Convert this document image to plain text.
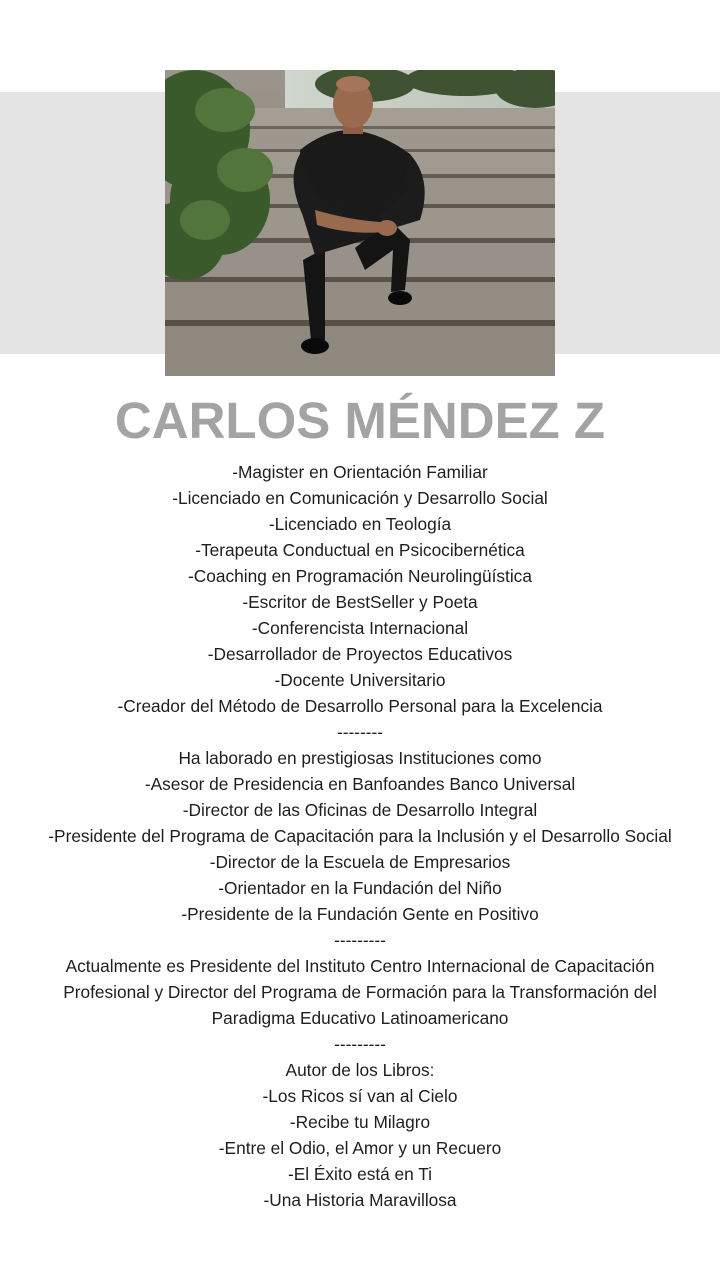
CARLOS MÉNDEZ Z
-Magister en Orientación Familiar
-Licenciado en Comunicación y Desarrollo Social
-Licenciado en Teología
-Terapeuta Conductual en Psicocibernética
-Coaching en Programación Neurolingüística
-Escritor de BestSeller y Poeta
-Conferencista Internacional
-Desarrollador de Proyectos Educativos
-Docente Universitario
-Creador del Método de Desarrollo Personal para la Excelencia
--------
Ha laborado en prestigiosas Instituciones como
-Asesor de Presidencia en Banfoandes Banco Universal
-Director de las Oficinas de Desarrollo Integral
-Presidente del Programa de Capacitación para la Inclusión y el Desarrollo Social
-Director de la Escuela de Empresarios
-Orientador en la Fundación del Niño
-Presidente de la Fundación Gente en Positivo
---------
Actualmente es Presidente del Instituto Centro Internacional de Capacitación Profesional y Director del Programa de Formación para la Transformación del Paradigma Educativo Latinoamericano
---------
Autor de los Libros:
-Los Ricos sí van al Cielo
-Recibe tu Milagro
-Entre el Odio, el Amor y un Recuero
-El Éxito está en Ti
-Una Historia Maravillosa
